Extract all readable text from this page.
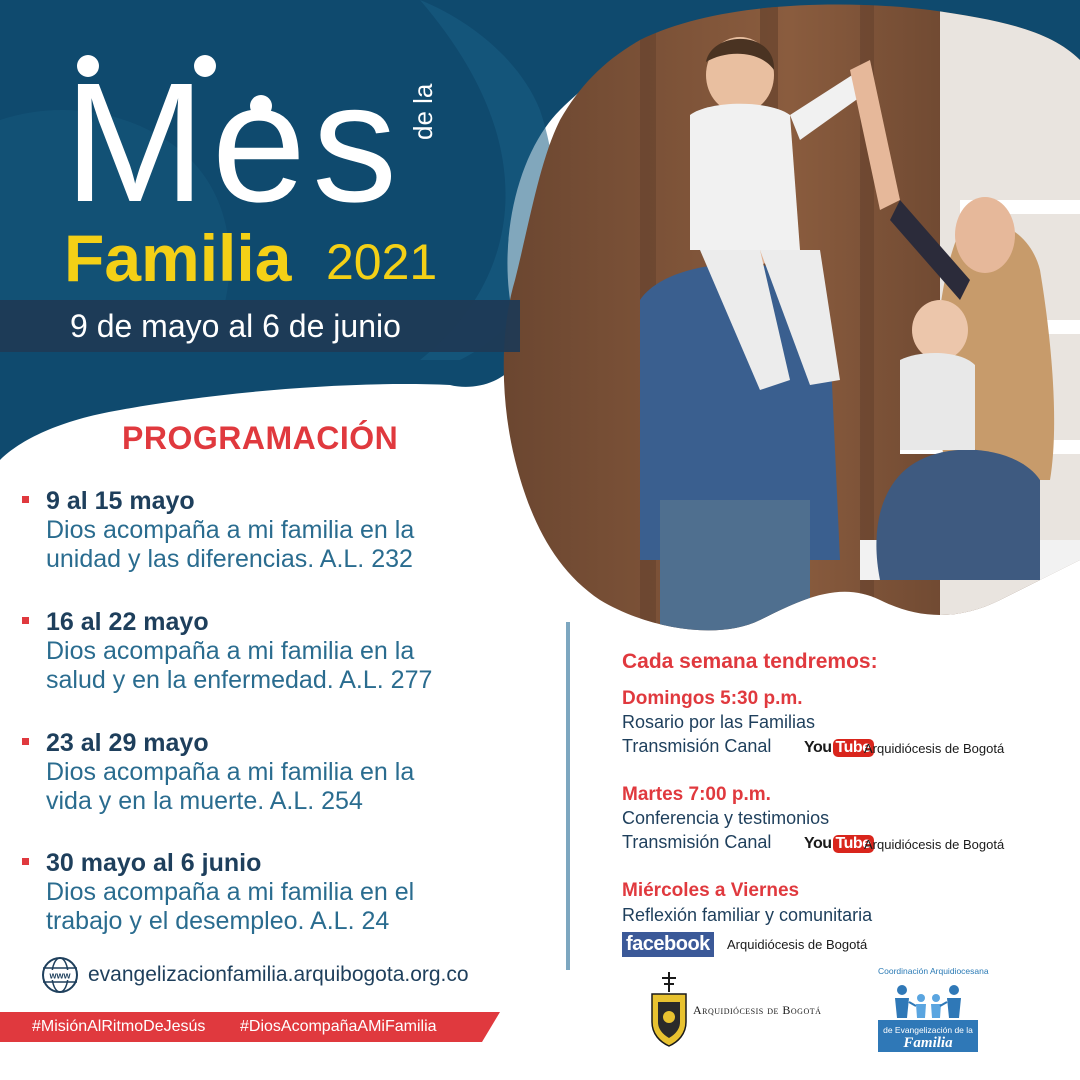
Mes de la
Familia 2021
9 de mayo al 6 de junio
PROGRAMACIÓN
9 al 15 mayo
Dios acompaña a mi familia en la
unidad y las diferencias. A.L. 232
16 al 22 mayo
Dios acompaña a mi familia en la
salud y en la enfermedad. A.L. 277
23 al 29 mayo
Dios acompaña a mi familia en la
vida y en la muerte. A.L. 254
30 mayo al 6 junio
Dios acompaña a mi familia en el
trabajo y el desempleo. A.L. 24
www evangelizacionfamilia.arquibogota.org.co
#MisiónAlRitmoDeJesús #DiosAcompañaAMiFamilia
Cada semana tendremos:
Domingos 5:30 p.m.
Rosario por las Familias
Transmisión Canal You Tube
Arquidiócesis de Bogotá
Martes 7:00 p.m.
Conferencia y testimonios
Transmisión Canal You Tube
Arquidiócesis de Bogotá
Miércoles a Viernes
Reflexión familiar y comunitaria
facebook	Arquidiócesis de Bogotá
Arquidiócesis de Bogotá
Coordinación Arquidiocesana
de Evangelización de la
Familia
